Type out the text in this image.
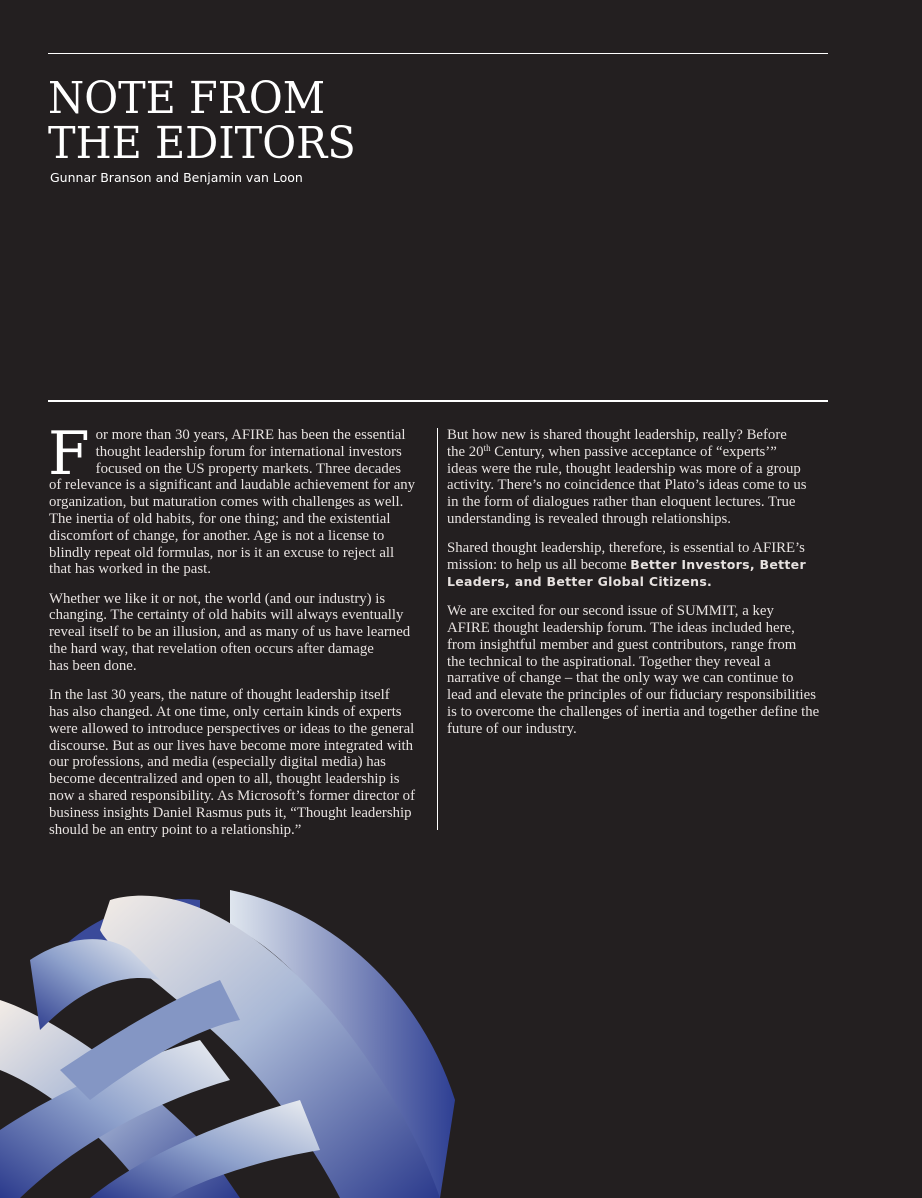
NOTE FROM
THE EDITORS
Gunnar Branson and Benjamin van Loon

F or more than 30 years, AFIRE has been the essential
thought leadership forum for international investors
focused on the US property markets. Three decades
of relevance is a significant and laudable achievement for any
organization, but maturation comes with challenges as well.
The inertia of old habits, for one thing; and the existential
discomfort of change, for another. Age is not a license to
blindly repeat old formulas, nor is it an excuse to reject all
that has worked in the past.

Whether we like it or not, the world (and our industry) is
changing. The certainty of old habits will always eventually
reveal itself to be an illusion, and as many of us have learned
the hard way, that revelation often occurs after damage
has been done.

In the last 30 years, the nature of thought leadership itself
has also changed. At one time, only certain kinds of experts
were allowed to introduce perspectives or ideas to the general
discourse. But as our lives have become more integrated with
our professions, and media (especially digital media) has
become decentralized and open to all, thought leadership is
now a shared responsibility. As Microsoft’s former director of
business insights Daniel Rasmus puts it, “Thought leadership
should be an entry point to a relationship.”

But how new is shared thought leadership, really? Before
the 20th Century, when passive acceptance of “experts’”
ideas were the rule, thought leadership was more of a group
activity. There’s no coincidence that Plato’s ideas come to us
in the form of dialogues rather than eloquent lectures. True
understanding is revealed through relationships.

Shared thought leadership, therefore, is essential to AFIRE’s
mission: to help us all become Better Investors, Better
Leaders, and Better Global Citizens.

We are excited for our second issue of SUMMIT, a key
AFIRE thought leadership forum. The ideas included here,
from insightful member and guest contributors, range from
the technical to the aspirational. Together they reveal a
narrative of change – that the only way we can continue to
lead and elevate the principles of our fiduciary responsibilities
is to overcome the challenges of inertia and together define the
future of our industry.
